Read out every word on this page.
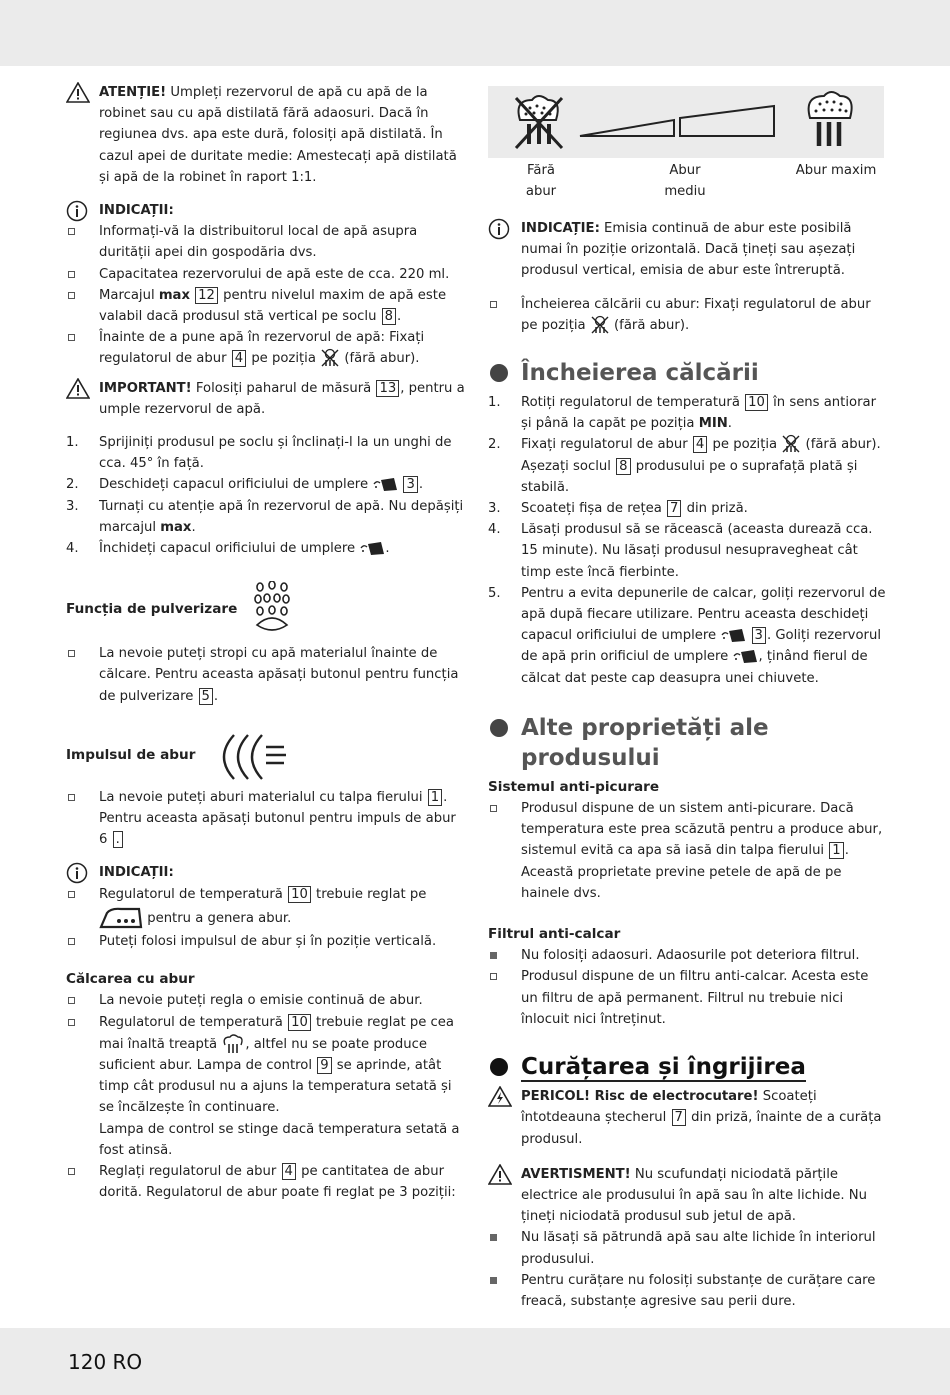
ATENȚIE! Umpleți rezervorul de apă cu apă de la robinet sau cu apă distilată fără adaosuri. Dacă în regiunea dvs. apa este dură, folosiți apă distilată. În cazul apei de duritate medie: Amestecați apă distilată și apă de la robinet în raport 1:1.
INDICAȚII:
Informați-vă la distribuitorul local de apă asupra durității apei din gospodăria dvs.
Capacitatea rezervorului de apă este de cca. 220 ml.
Marcajul max 12 pentru nivelul maxim de apă este valabil dacă produsul stă vertical pe soclu 8 .
Înainte de a pune apă în rezervorul de apă: Fixați regulatorul de abur 4 pe poziția (fără abur).
IMPORTANT! Folosiți paharul de măsură 13 , pentru a umple rezervorul de apă.
1. Sprijiniți produsul pe soclu și înclinați-l la un unghi de cca. 45° în față.
2. Deschideți capacul orificiului de umplere	3 .
3. Turnați cu atenție apă în rezervorul de apă. Nu depășiți marcajul max.
4. Închideți capacul orificiului de umplere .
Funcția de pulverizare
La nevoie puteți stropi cu apă materialul înainte de călcare. Pentru aceasta apăsați butonul pentru funcția de pulverizare 5 .
Impulsul de abur
La nevoie puteți aburi materialul cu talpa fierului 1 . Pentru aceasta apăsați butonul pentru impuls de abur 6 .
INDICAȚII:
Regulatorul de temperatură 10 trebuie reglat pe  pentru a genera abur.
Puteți folosi impulsul de abur și în poziție verticală.
Călcarea cu abur
La nevoie puteți regla o emisie continuă de abur.
Regulatorul de temperatură 10 trebuie reglat pe cea mai înaltă treaptă , altfel nu se poate produce suficient abur. Lampa de control 9 se aprinde, atât timp cât produsul nu a ajuns la temperatura setată și se încălzește în continuare.
Lampa de control se stinge dacă temperatura setată a fost atinsă.
Reglați regulatorul de abur 4 pe cantitatea de abur dorită. Regulatorul de abur poate fi reglat pe 3 poziții:
Fără
abur
Abur
mediu
Abur maxim
INDICAȚIE: Emisia continuă de abur este posibilă numai în poziție orizontală. Dacă țineți sau așezați produsul vertical, emisia de abur este întreruptă.
Încheierea călcării cu abur: Fixați regulatorul de abur pe poziția (fără abur).
Încheierea călcării
1. Rotiți regulatorul de temperatură 10 în sens antiorar și până la capăt pe poziția MIN.
2. Fixați regulatorul de abur 4 pe poziția (fără abur). Așezați soclul 8 produsului pe o suprafață plată și stabilă.
3. Scoateți fișa de rețea 7 din priză.
4. Lăsați produsul să se răcească (aceasta durează cca. 15 minute). Nu lăsați produsul nesupravegheat cât timp este încă fierbinte.
5. Pentru a evita depunerile de calcar, goliți rezervorul de apă după fiecare utilizare. Pentru aceasta deschideți capacul orificiului de umplere	3 . Goliți rezervorul de apă prin orificiul de umplere , ținând fierul de călcat dat peste cap deasupra unei chiuvete.
Alte proprietăți ale produsului
Sistemul anti-picurare
Produsul dispune de un sistem anti-picurare. Dacă temperatura este prea scăzută pentru a produce abur, sistemul evită ca apa să iasă din talpa fierului 1 . Această proprietate previne petele de apă de pe hainele dvs.
Filtrul anti-calcar
Nu folosiți adaosuri. Adaosurile pot deteriora filtrul.
Produsul dispune de un filtru anti-calcar. Acesta este un filtru de apă permanent. Filtrul nu trebuie nici înlocuit nici întreținut.
Curățarea și îngrijirea
PERICOL! Risc de electrocutare! Scoateți întotdeauna ștecherul 7 din priză, înainte de a curăța produsul.
AVERTISMENT! Nu scufundați niciodată părțile electrice ale produsului în apă sau în alte lichide. Nu țineți niciodată produsul sub jetul de apă.
Nu lăsați să pătrundă apă sau alte lichide în interiorul produsului.
Pentru curățare nu folosiți substanțe de curățare care freacă, substanțe agresive sau perii dure.
120 RO
